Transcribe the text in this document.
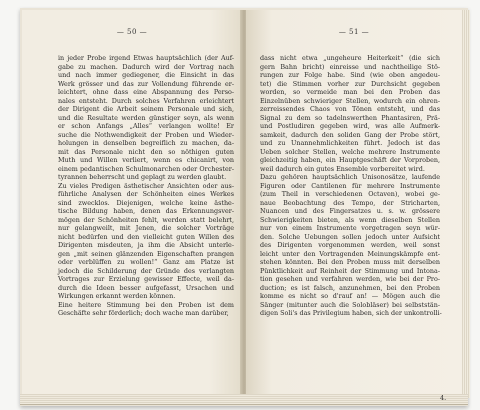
— 50 —
in jeder Probe irgend Etwas hauptsächlich (der Auf-
gabe zu machen. Dadurch wird der Vortrag nach
und nach immer gediegener, die Einsicht in das
Werk grösser und das zur Vollendung führende er-
leichtert, ohne dass eine Abspannung des Perso-
nales entsteht. Durch solches Verfahren erleichtert
der Dirigent die Arbeit seinem Personale und sich,
und die Resultate werden günstiger seyn, als wenn
er schon Anfangs „Alles“ verlangen wollte! Er
suche die Nothwendigkeit der Proben und Wieder-
holungen in denselben begreiflich zu machen, da-
mit das Personale nicht den so nöthigen guten
Muth und Willen verliert, wenn es chicanirt, von
einem pedantischen Schulmonarchen oder Orchester-
tyrannen beherrscht und geplagt zu werden glaubt.
Zu vieles Predigen ästhetischer Ansichten oder aus-
führliche Analysen der Schönheiten eines Werkes
sind zwecklos. Diejenigen, welche keine ästhe-
tische Bildung haben, denen das Erkennungsver-
mögen der Schönheiten fehlt, werden statt belehrt,
nur gelangweilt, mit Jenen, die solcher Vorträge
nicht bedürfen und den vielleicht guten Willen des
Dirigenten misdeuten, ja ihm die Absicht unterle-
gen „mit seinen glänzenden Eigenschaften prangen
oder verblüffen zu wollen!“ Ganz am Platze ist
jedoch die Schilderung der Gründe des verlangten
Vortrages zur Erzielung gewisser Effecte, weil da-
durch die Ideen besser aufgefasst, Ursachen und
Wirkungen erkannt werden können.
Eine heitere Stimmung bei den Proben ist dem
Geschäfte sehr förderlich; doch wache man darüber,
— 51 —
dass nicht etwa „ungeheure Heiterkeit“ (die sich
gern Bahn bricht) einreisse und nachtheilige Stö-
rungen zur Folge habe. Sind (wie oben angedeu-
tet) die Stimmen vorher zur Durchsicht gegeben
worden, so vermeide man bei den Proben das
Einzelnüben schwieriger Stellen, wodurch ein ohren-
zerreissendes Chaos von Tönen entsteht, und das
Signal zu dem so tadelnswerthen Phantasiren, Prä-
und Postludiren gegeben wird, was alle Aufmerk-
samkeit, dadurch den soliden Gang der Probe stört,
und zu Unannehmlichkeiten führt. Jedoch ist das
Ueben solcher Stellen, welche mehrere Instrumente
gleichzeitig haben, ein Hauptgeschäft der Vorproben,
weil dadurch ein gutes Ensemble vorbereitet wird.
Dazu gehören hauptsächlich Unisonosätze, laufende
Figuren oder Cantilenen für mehrere Instrumente
(zum Theil in verschiedenen Octaven), wobei ge-
naue Beobachtung des Tempo, der Stricharten,
Nuancen und des Fingersatzes u. s. w. grössere
Schwierigkeiten bieten, als wenn dieselben Stellen
nur von einem Instrumente vorgetragen seyn wür-
den. Solche Uebungen sollen jedoch unter Aufsicht
des Dirigenten vorgenommen werden, weil sonst
leicht unter den Vortragenden Meinungskämpfe ent-
stehen könnten. Bei den Proben muss mit derselben
Pünktlichkeit auf Reinheit der Stimmung und Intona-
tion gesehen und verfahren werden, wie bei der Pro-
duction; es ist falsch, anzunehmen, bei den Proben
komme es nicht so d'rauf an! — Mögen auch die
Sänger (mitunter auch die Solobläser) bei selbststän-
digen Soli's das Privilegium haben, sich der unkontrolli-
4.
